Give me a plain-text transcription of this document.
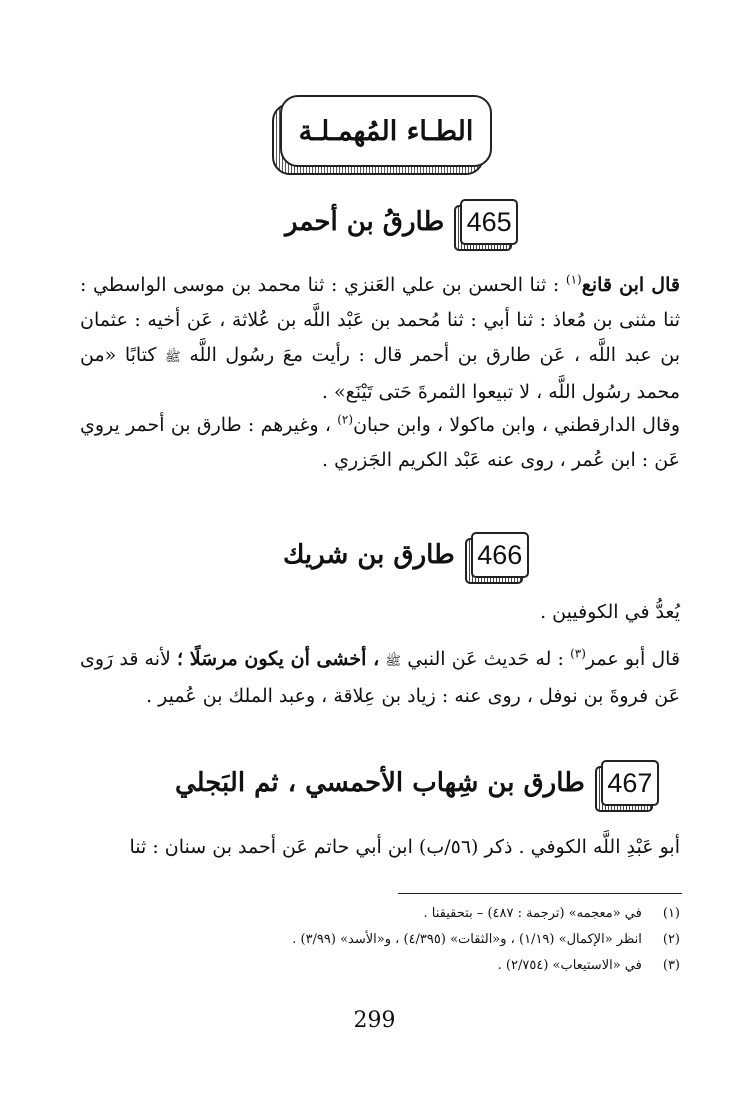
الطـاء المُهمـلـة
465
طارقُ بن أحمر
قال ابن قانع$^{(١)}$ : ثنا الحسن بن علي العَنزي : ثنا محمد بن موسى الواسطي : ثنا مثنى بن مُعاذ : ثنا أبي : ثنا مُحمد بن عَبْد اللَّه بن عُلاثة ، عَن أخيه : عثمان بن عبد اللَّه ، عَن طارق بن أحمر قال : رأيت معَ رسُول اللَّه ﷺ كتابًا «من محمد رسُول اللَّه ، لا تبيعوا الثمرةَ حَتى تَيْنَع» .
وقال الدارقطني ، وابن ماكولا ، وابن حبان$^{(٢)}$ ، وغيرهم : طارق بن أحمر يروي عَن : ابن عُمر ، روى عنه عَبْد الكريم الجَزري .
466
طارق بن شريك
يُعدُّ في الكوفيين .
قال أبو عمر$^{(٣)}$ : له حَديث عَن النبي ﷺ ، أخشى أن يكون مرسَلًا ؛ لأنه قد رَوى عَن فروةَ بن نوفل ، روى عنه : زياد بن عِلاقة ، وعبد الملك بن عُمير .
467
طارق بن شِهاب الأحمسي ، ثم البَجلي
أبو عَبْدِ اللَّه الكوفي . ذكر (٥٦/ب) ابن أبي حاتم عَن أحمد بن سنان : ثنا
(١) في «معجمه» (ترجمة : ٤٨٧) – بتحقيقنا .
(٢) انظر «الإكمال» (١/١٩) ، و«الثقات» (٤/٣٩٥) ، و«الأسد» (٣/٩٩) .
(٣) في «الاستيعاب» (٢/٧٥٤) .
299
